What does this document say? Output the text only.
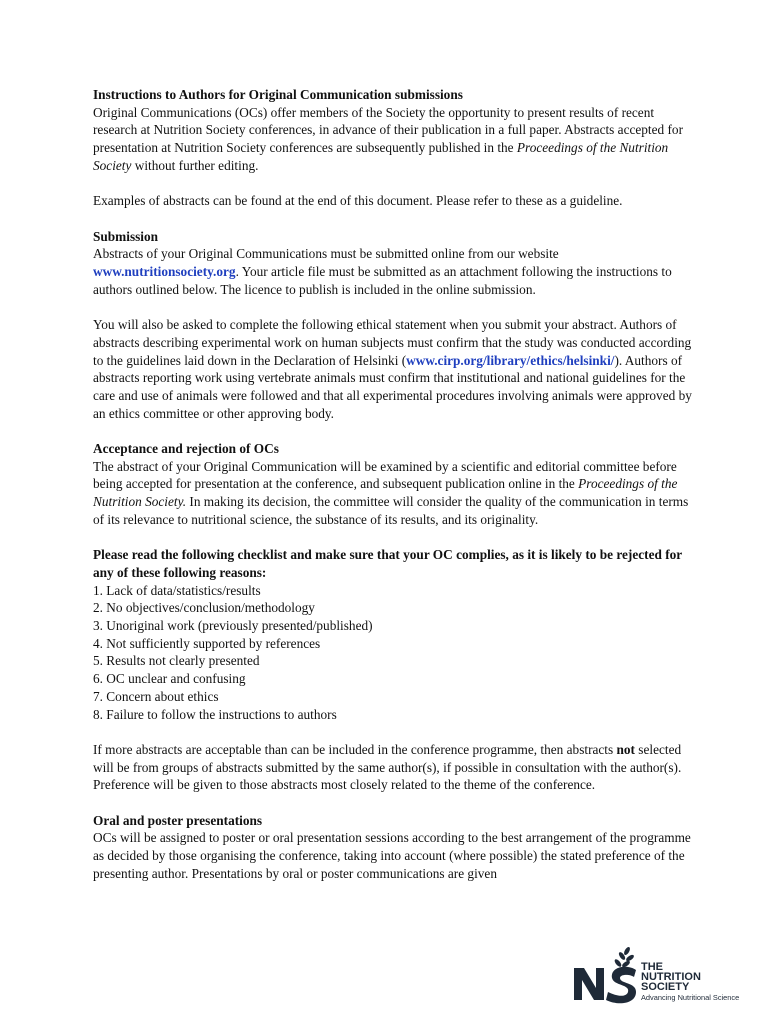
Instructions to Authors for Original Communication submissions

Original Communications (OCs) offer members of the Society the opportunity to present results of recent research at Nutrition Society conferences, in advance of their publication in a full paper. Abstracts accepted for presentation at Nutrition Society conferences are subsequently published in the Proceedings of the Nutrition Society without further editing.

Examples of abstracts can be found at the end of this document. Please refer to these as a guideline.

Submission

Abstracts of your Original Communications must be submitted online from our website www.nutritionsociety.org. Your article file must be submitted as an attachment following the instructions to authors outlined below. The licence to publish is included in the online submission.

You will also be asked to complete the following ethical statement when you submit your abstract. Authors of abstracts describing experimental work on human subjects must confirm that the study was conducted according to the guidelines laid down in the Declaration of Helsinki (www.cirp.org/library/ethics/helsinki/). Authors of abstracts reporting work using vertebrate animals must confirm that institutional and national guidelines for the care and use of animals were followed and that all experimental procedures involving animals were approved by an ethics committee or other approving body.

Acceptance and rejection of OCs

The abstract of your Original Communication will be examined by a scientific and editorial committee before being accepted for presentation at the conference, and subsequent publication online in the Proceedings of the Nutrition Society. In making its decision, the committee will consider the quality of the communication in terms of its relevance to nutritional science, the substance of its results, and its originality.

Please read the following checklist and make sure that your OC complies, as it is likely to be rejected for any of these following reasons:

1. Lack of data/statistics/results
2. No objectives/conclusion/methodology
3. Unoriginal work (previously presented/published)
4. Not sufficiently supported by references
5. Results not clearly presented
6. OC unclear and confusing
7. Concern about ethics
8. Failure to follow the instructions to authors

If more abstracts are acceptable than can be included in the conference programme, then abstracts not selected will be from groups of abstracts submitted by the same author(s), if possible in consultation with the author(s). Preference will be given to those abstracts most closely related to the theme of the conference.

Oral and poster presentations

OCs will be assigned to poster or oral presentation sessions according to the best arrangement of the programme as decided by those organising the conference, taking into account (where possible) the stated preference of the presenting author. Presentations by oral or poster communications are given

THE
NUTRITION
SOCIETY
Advancing Nutritional Science
